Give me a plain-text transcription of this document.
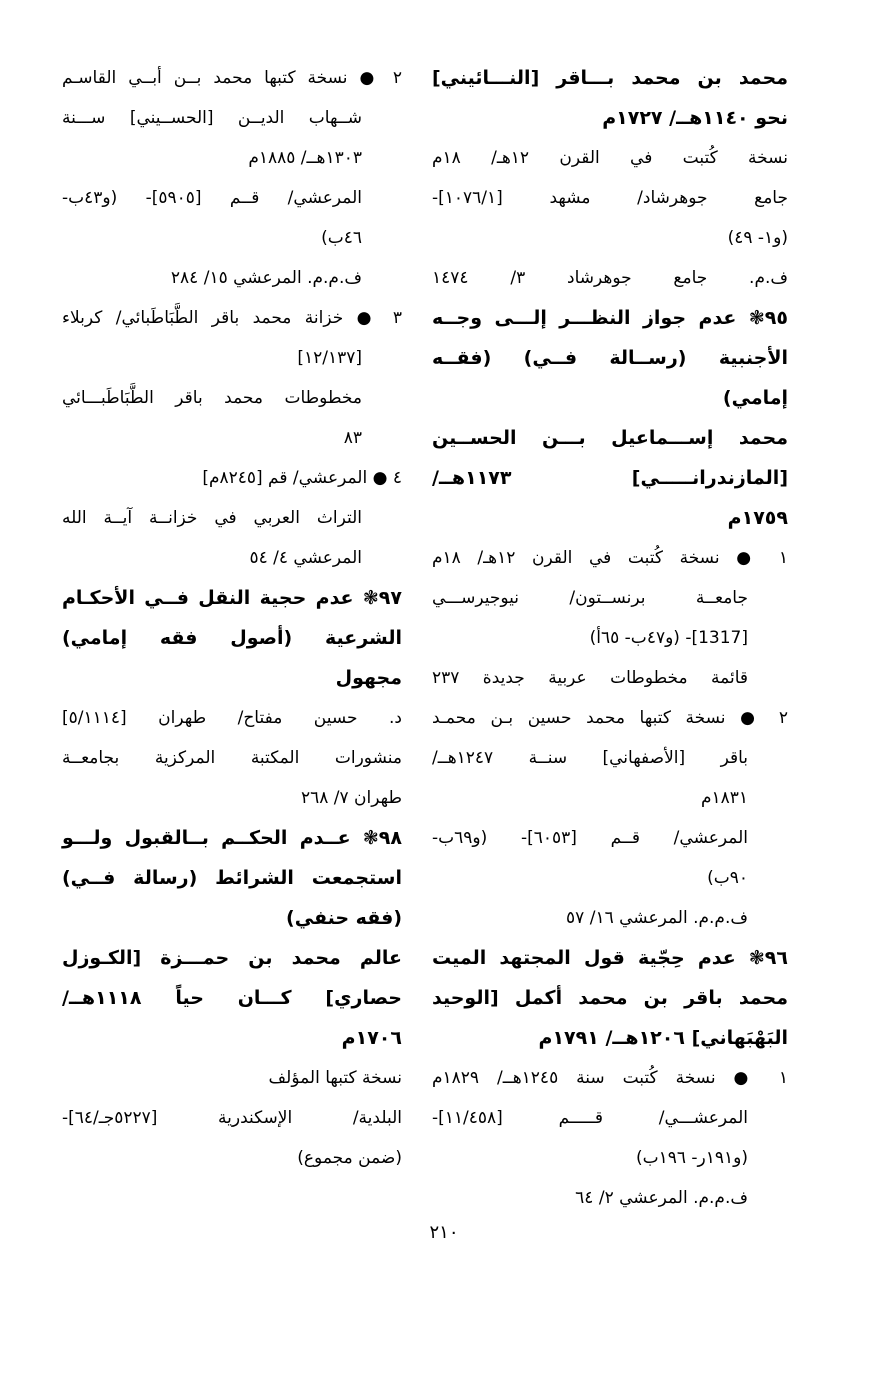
محمد بن محمد بـــاقر [النـــائيني]
نحو ١١٤٠هــ/ ١٧٢٧م
نسخة كُتبت في القرن ١٢هـ/ ١٨م
جامع جوهرشاد/ مشهد [١٠٧٦/١]-
(و١- ٤٩)
ف.م. جامع جوهرشاد ٣/ ١٤٧٤
٩٥❃ عدم جواز النظـــر إلـــى وجــه
الأجنبية (رســالة فــي) (فقــه
إمامي)
محمد إســـماعيل بـــن الحســين
[المازندرانـــــي] ١١٧٣هــ/
١٧٥٩م
١ ● نسخة كُتبت في القرن ١٢هـ/ ١٨م
جامعــة برنســتون/ نيوجيرســـي
[1317]- (و٤٧ب- ٦٥أ)
قائمة مخطوطات عربية جديدة ٢٣٧
٢ ● نسخة كتبها محمد حسين بـن محمـد
باقر [الأصفهاني] سنــة ١٢٤٧هــ/
١٨٣١م
المرعشي/ قــم [٦٠٥٣]- (و٦٩ب-
٩٠ب)
ف.م.م. المرعشي ١٦/ ٥٧
٩٦❃ عدم حِجّية قول المجتهد الميت
محمد باقر بن محمد أكمل [الوحيد
البَهْبَهاني] ١٢٠٦هــ/ ١٧٩١م
١ ● نسخة كُتبت سنة ١٢٤٥هــ/ ١٨٢٩م
المرعشـــي/ قـــــم [١١/٤٥٨]-
(و١٩١ر- ١٩٦ب)
ف.م.م. المرعشي ٢/ ٦٤
٢ ● نسخة كتبها محمد بــن أبــي القاسـم
شــهاب الديــن [الحســيني] ســـنة
١٣٠٣هــ/ ١٨٨٥م
المرعشي/ قــم [٥٩٠٥]- (و٤٣ب-
٤٦ب)
ف.م.م. المرعشي ١٥/ ٢٨٤
٣ ● خزانة محمد باقر الطَّبَاطَبائي/ كربلاء
[١٢/١٣٧]
مخطوطات محمد باقر الطَّبَاطَبـــائي
٨٣
٤ ● المرعشي/ قم [٨٢٤٥م]
التراث العربي في خزانــة آيــة الله
المرعشي ٤/ ٥٤
٩٧❃ عدم حجية النقل فــي الأحكـام
الشرعية (أصول فقه إمامي)
مجهول
د. حسين مفتاح/ طهران [٥/١١١٤]
منشورات المكتبة المركزية بجامعــة
طهران ٧/ ٢٦٨
٩٨❃ عــدم الحكــم بــالقبول ولـــو
استجمعت الشرائط (رسالة فــي)
(فقه حنفي)
عالم محمد بن حمـــزة [الكـوزل
حصاري] كـــان حياً ١١١٨هــ/
١٧٠٦م
نسخة كتبها المؤلف
البلدية/ الإسكندرية [٥٢٢٧جـ/٦٤]-
(ضمن مجموع)
٢١٠
